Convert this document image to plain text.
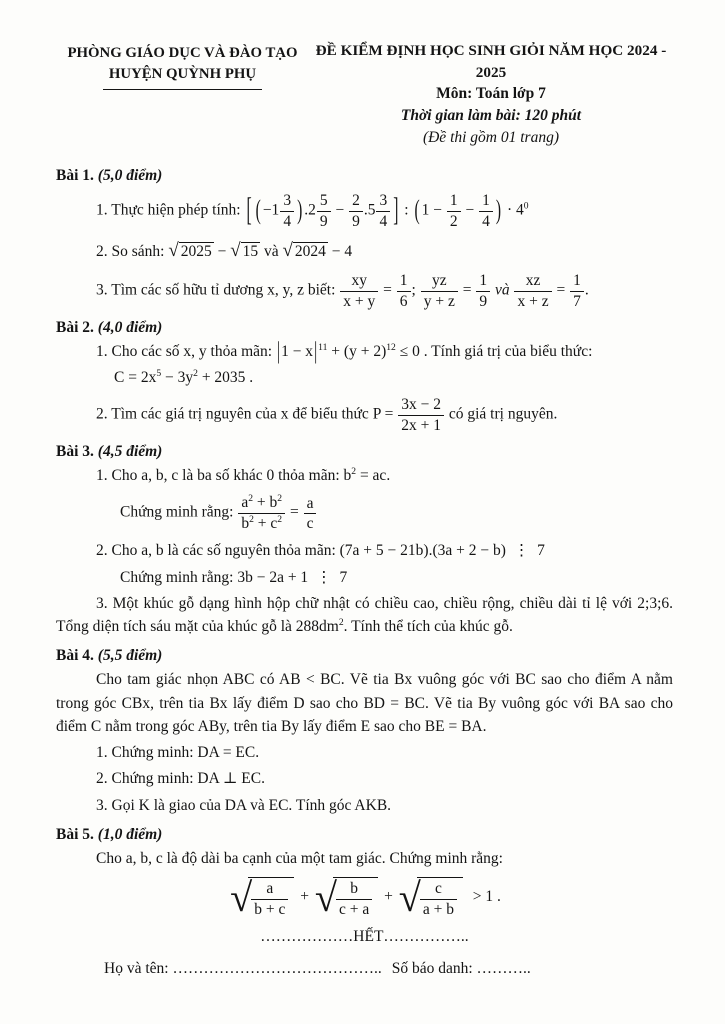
PHÒNG GIÁO DỤC VÀ ĐÀO TẠO
HUYỆN QUỲNH PHỤ
ĐỀ KIỂM ĐỊNH HỌC SINH GIỎI NĂM HỌC 2024 - 2025
Môn: Toán lớp 7
Thời gian làm bài: 120 phút
(Đề thi gồm 01 trang)
Bài 1. (5,0 điểm)
1. Thực hiện phép tính: [ ( $-1 \frac{3}{4}$ ) $.2 \frac{5}{9} - \frac{2}{9} .5 \frac{3}{4}$ ] : ( $1 - \frac{1}{2} - \frac{1}{4}$ ) · $4^0$
2. So sánh: √ 2025 − √ 15 và √ 2024 − 4
3. Tìm các số hữu tỉ dương x, y, z biết: $\frac{xy}{x + y} = \frac{1}{6}$ ; $\frac{yz}{y + z} = \frac{1}{9}$ và $\frac{xz}{x + z} = \frac{1}{7}$ .
Bài 2. (4,0 điểm)
1. Cho các số x, y thỏa mãn: $|1 - x|^{11} + (y + 2)^{12} \le 0$ . Tính giá trị của biểu thức:
$C = 2x^5 - 3y^2 + 2035$ .
2. Tìm các giá trị nguyên của x để biểu thức $P = \frac{3x - 2}{2x + 1}$ có giá trị nguyên.
Bài 3. (4,5 điểm)
1. Cho a, b, c là ba số khác 0 thỏa mãn: $b^2$ = ac.
Chứng minh rằng: $\frac{a^2 + b^2}{b^2 + c^2} = \frac{a}{c}$
2. Cho a, b là các số nguyên thỏa mãn: (7a + 5 − 21b).(3a + 2 − b) ⋮ 7
Chứng minh rằng: 3b − 2a + 1 ⋮ 7
3. Một khúc gỗ dạng hình hộp chữ nhật có chiều cao, chiều rộng, chiều dài tỉ lệ với 2;3;6. Tổng diện tích sáu mặt của khúc gỗ là $288dm^2$. Tính thể tích của khúc gỗ.
Bài 4. (5,5 điểm)
Cho tam giác nhọn ABC có AB < BC. Vẽ tia Bx vuông góc với BC sao cho điểm A nằm trong góc CBx, trên tia Bx lấy điểm D sao cho BD = BC. Vẽ tia By vuông góc với BA sao cho điểm C nằm trong góc ABy, trên tia By lấy điểm E sao cho BE = BA.
1. Chứng minh: DA = EC.
2. Chứng minh: DA ⊥ EC.
3. Gọi K là giao của DA và EC. Tính góc AKB.
Bài 5. (1,0 điểm)
Cho a, b, c là độ dài ba cạnh của một tam giác. Chứng minh rằng:
√
$\frac{a}{b + c}$ + √
$\frac{b}{c + a}$ + √
$\frac{c}{a + b} > 1$ .
………………HẾT……………..
Họ và tên: ………………………………….. Số báo danh: ………..
